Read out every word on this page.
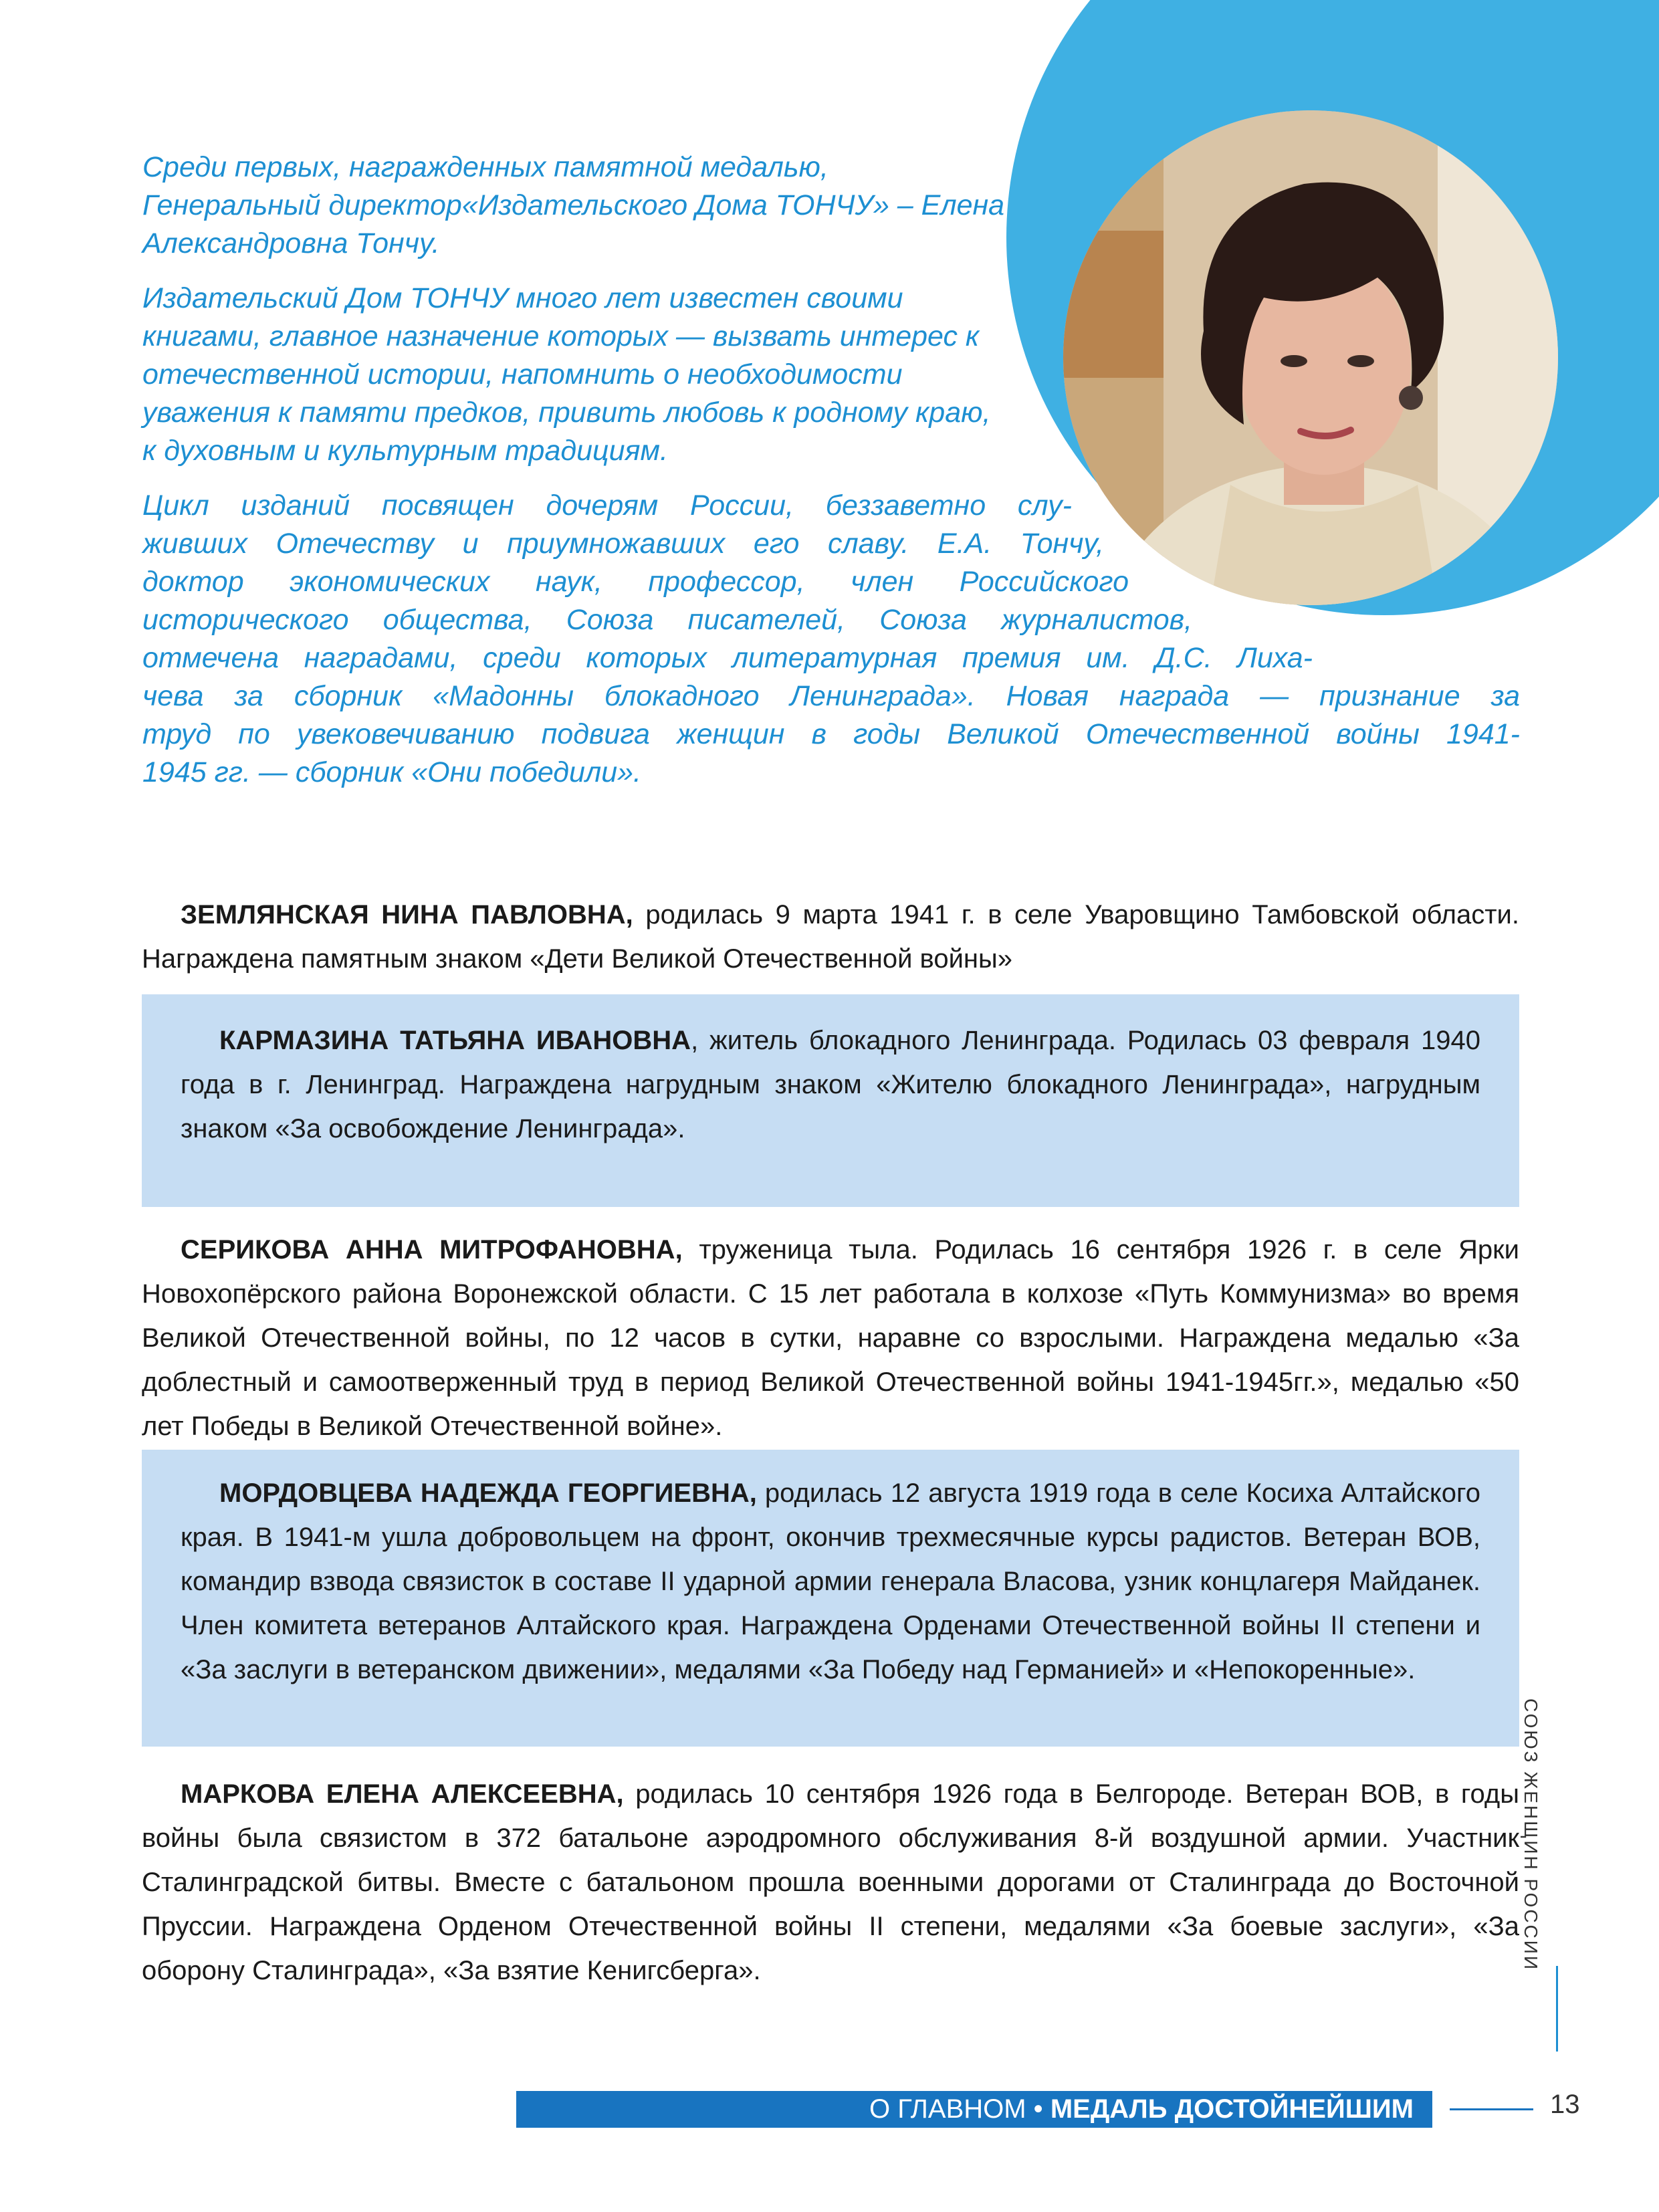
Среди первых, награжденных памятной медалью, Генеральный директор«Издательского Дома ТОНЧУ» – Елена Александровна Тончу.

Издательский Дом ТОНЧУ много лет известен своими книгами, главное назначение которых — вызвать интерес к отечественной истории, напомнить о необходимости уважения к памяти предков, привить любовь к родному краю, к духовным и культурным традициям.

Цикл изданий посвящен дочерям России, беззаветно слу-
живших Отечеству и приумножавших его славу. Е.А. Тончу,
доктор экономических наук, профессор, член Российского
исторического общества, Союза писателей, Союза журналистов,
отмечена наградами, среди которых литературная премия им. Д.С. Лиха-
чева за сборник «Мадонны блокадного Ленинграда». Новая награда — признание за
труд по увековечиванию подвига женщин в годы Великой Отечественной войны 1941-
1945 гг. — сборник «Они победили».

ЗЕМЛЯНСКАЯ НИНА ПАВЛОВНА, родилась 9 марта 1941 г. в селе Уваровщино Тамбовской области. Награждена памятным знаком «Дети Великой Отечественной войны»

КАРМАЗИНА ТАТЬЯНА ИВАНОВНА, житель блокадного Ленинграда. Родилась 03 февраля 1940 года в г. Ленинград. Награждена нагрудным знаком «Жителю блокадного Ленинграда», нагрудным знаком «За освобождение Ленинграда».

СЕРИКОВА АННА МИТРОФАНОВНА, труженица тыла. Родилась 16 сентября 1926 г. в селе Ярки Новохопёрского района Воронежской области. С 15 лет работала в колхозе «Путь Коммунизма» во время Великой Отечественной войны, по 12 часов в сутки, наравне со взрослыми. Награждена медалью «За доблестный и самоотверженный труд в период Великой Отечественной войны 1941-1945гг.», медалью «50 лет Победы в Великой Отечественной войне».

МОРДОВЦЕВА НАДЕЖДА ГЕОРГИЕВНА, родилась 12 августа 1919 года в селе Косиха Алтайского края. В 1941-м ушла добровольцем на фронт, окончив трехмесячные курсы радистов. Ветеран ВОВ, командир взвода связисток в составе II ударной армии генерала Власова, узник концлагеря Майданек. Член комитета ветеранов Алтайского края. Награждена Орденами Отечественной войны II степени и «За заслуги в ветеранском движении», медалями «За Победу над Германией» и «Непокоренные».

МАРКОВА ЕЛЕНА АЛЕКСЕЕВНА, родилась 10 сентября 1926 года в Белгороде. Ветеран ВОВ, в годы войны была связистом в 372 батальоне аэродромного обслуживания 8-й воздушной армии. Участник Сталинградской битвы. Вместе с батальоном прошла военными дорогами от Сталинграда до Восточной Пруссии. Награждена Орденом Отечественной войны II степени, медалями «За боевые заслуги», «За оборону Сталинграда», «За взятие Кенигсберга».	СОЮЗ ЖЕНЩИН РОССИИ
О ГЛАВНОМ • МЕДАЛЬ ДОСТОЙНЕЙШИМ	13
